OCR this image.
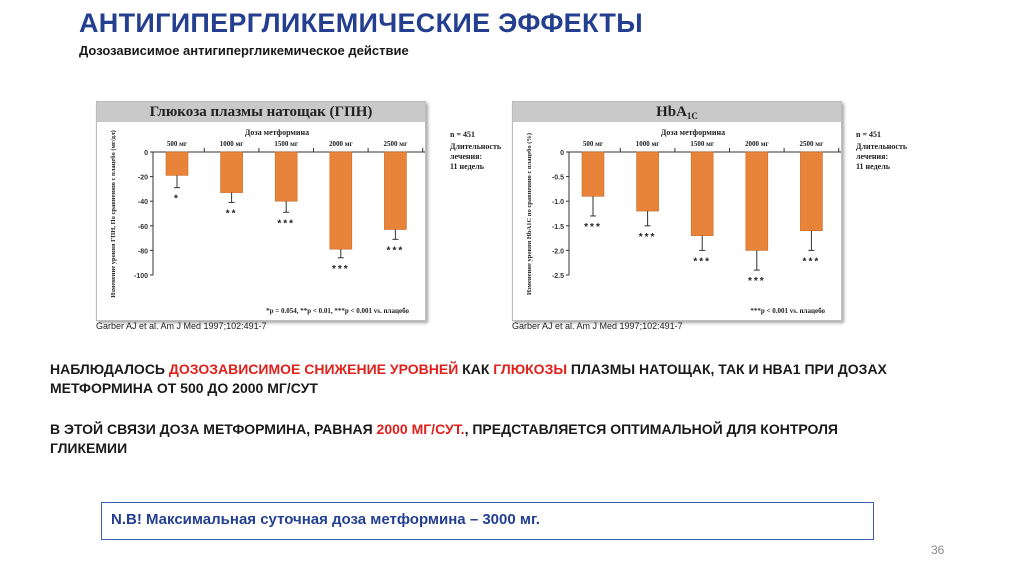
АНТИГИПЕРГЛИКЕМИЧЕСКИЕ ЭФФЕКТЫ
Дозозависимое антигипергликемическое действие
Глюкоза плазмы натощак (ГПН)
Доза метформина
0
-20
-40
-60
-80
-100
Изменение уровня ГПН, По сравнению с плацебо (мг/дл)	500 мг
*
1000 мг
**
1500 мг
***
2000 мг
***
2500 мг
***
*p = 0.054, **p < 0.01, ***p < 0.001 vs. плацебо
n = 451
Длительность
лечения:
11 недель
Garber AJ et al. Am J Med 1997;102:491-7
HbA$_{1C}$
Доза метформина
0
-0.5
-1.0
-1.5
-2.0
-2.5
Изменение уровня HbA1C по сравнению с плацебо (%)	500 мг
***
1000 мг
***
1500 мг
***
2000 мг
***
2500 мг
***
***p < 0.001 vs. плацебо
n = 451
Длительность
лечения:
11 недель
Garber AJ et al. Am J Med 1997;102:491-7
НАБЛЮДАЛОСЬ ДОЗОЗАВИСИМОЕ СНИЖЕНИЕ УРОВНЕЙ КАК ГЛЮКОЗЫ ПЛАЗМЫ НАТОЩАК, ТАК И HBA1 ПРИ ДОЗАХ МЕТФОРМИНА ОТ 500 ДО 2000 МГ/СУТ
В ЭТОЙ СВЯЗИ ДОЗА МЕТФОРМИНА, РАВНАЯ 2000 МГ/СУТ., ПРЕДСТАВЛЯЕТСЯ ОПТИМАЛЬНОЙ ДЛЯ КОНТРОЛЯ ГЛИКЕМИИ
N.B! Максимальная суточная доза метформина – 3000 мг.
36
